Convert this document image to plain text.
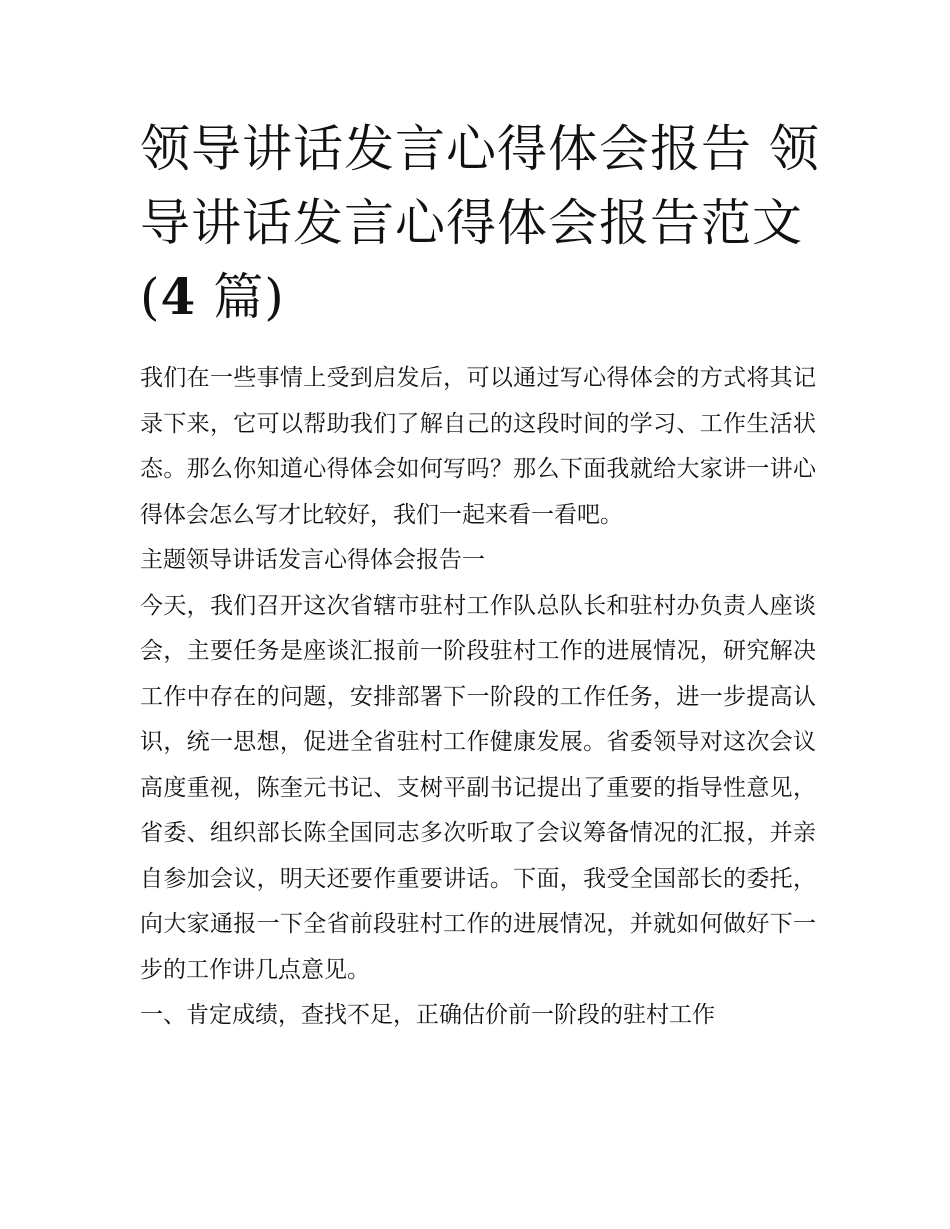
领导讲话发言心得体会报告 领导讲话发言心得体会报告范文
(4 篇)

我们在一些事情上受到启发后，可以通过写心得体会的方式将其记录下来，它可以帮助我们了解自己的这段时间的学习、工作生活状态。那么你知道心得体会如何写吗？那么下面我就给大家讲一讲心得体会怎么写才比较好，我们一起来看一看吧。

主题领导讲话发言心得体会报告一

今天，我们召开这次省辖市驻村工作队总队长和驻村办负责人座谈会，主要任务是座谈汇报前一阶段驻村工作的进展情况，研究解决工作中存在的问题，安排部署下一阶段的工作任务，进一步提高认识，统一思想，促进全省驻村工作健康发展。省委领导对这次会议高度重视，陈奎元书记、支树平副书记提出了重要的指导性意见，省委、组织部长陈全国同志多次听取了会议筹备情况的汇报，并亲自参加会议，明天还要作重要讲话。下面，我受全国部长的委托，向大家通报一下全省前段驻村工作的进展情况，并就如何做好下一步的工作讲几点意见。

一、肯定成绩，查找不足，正确估价前一阶段的驻村工作
